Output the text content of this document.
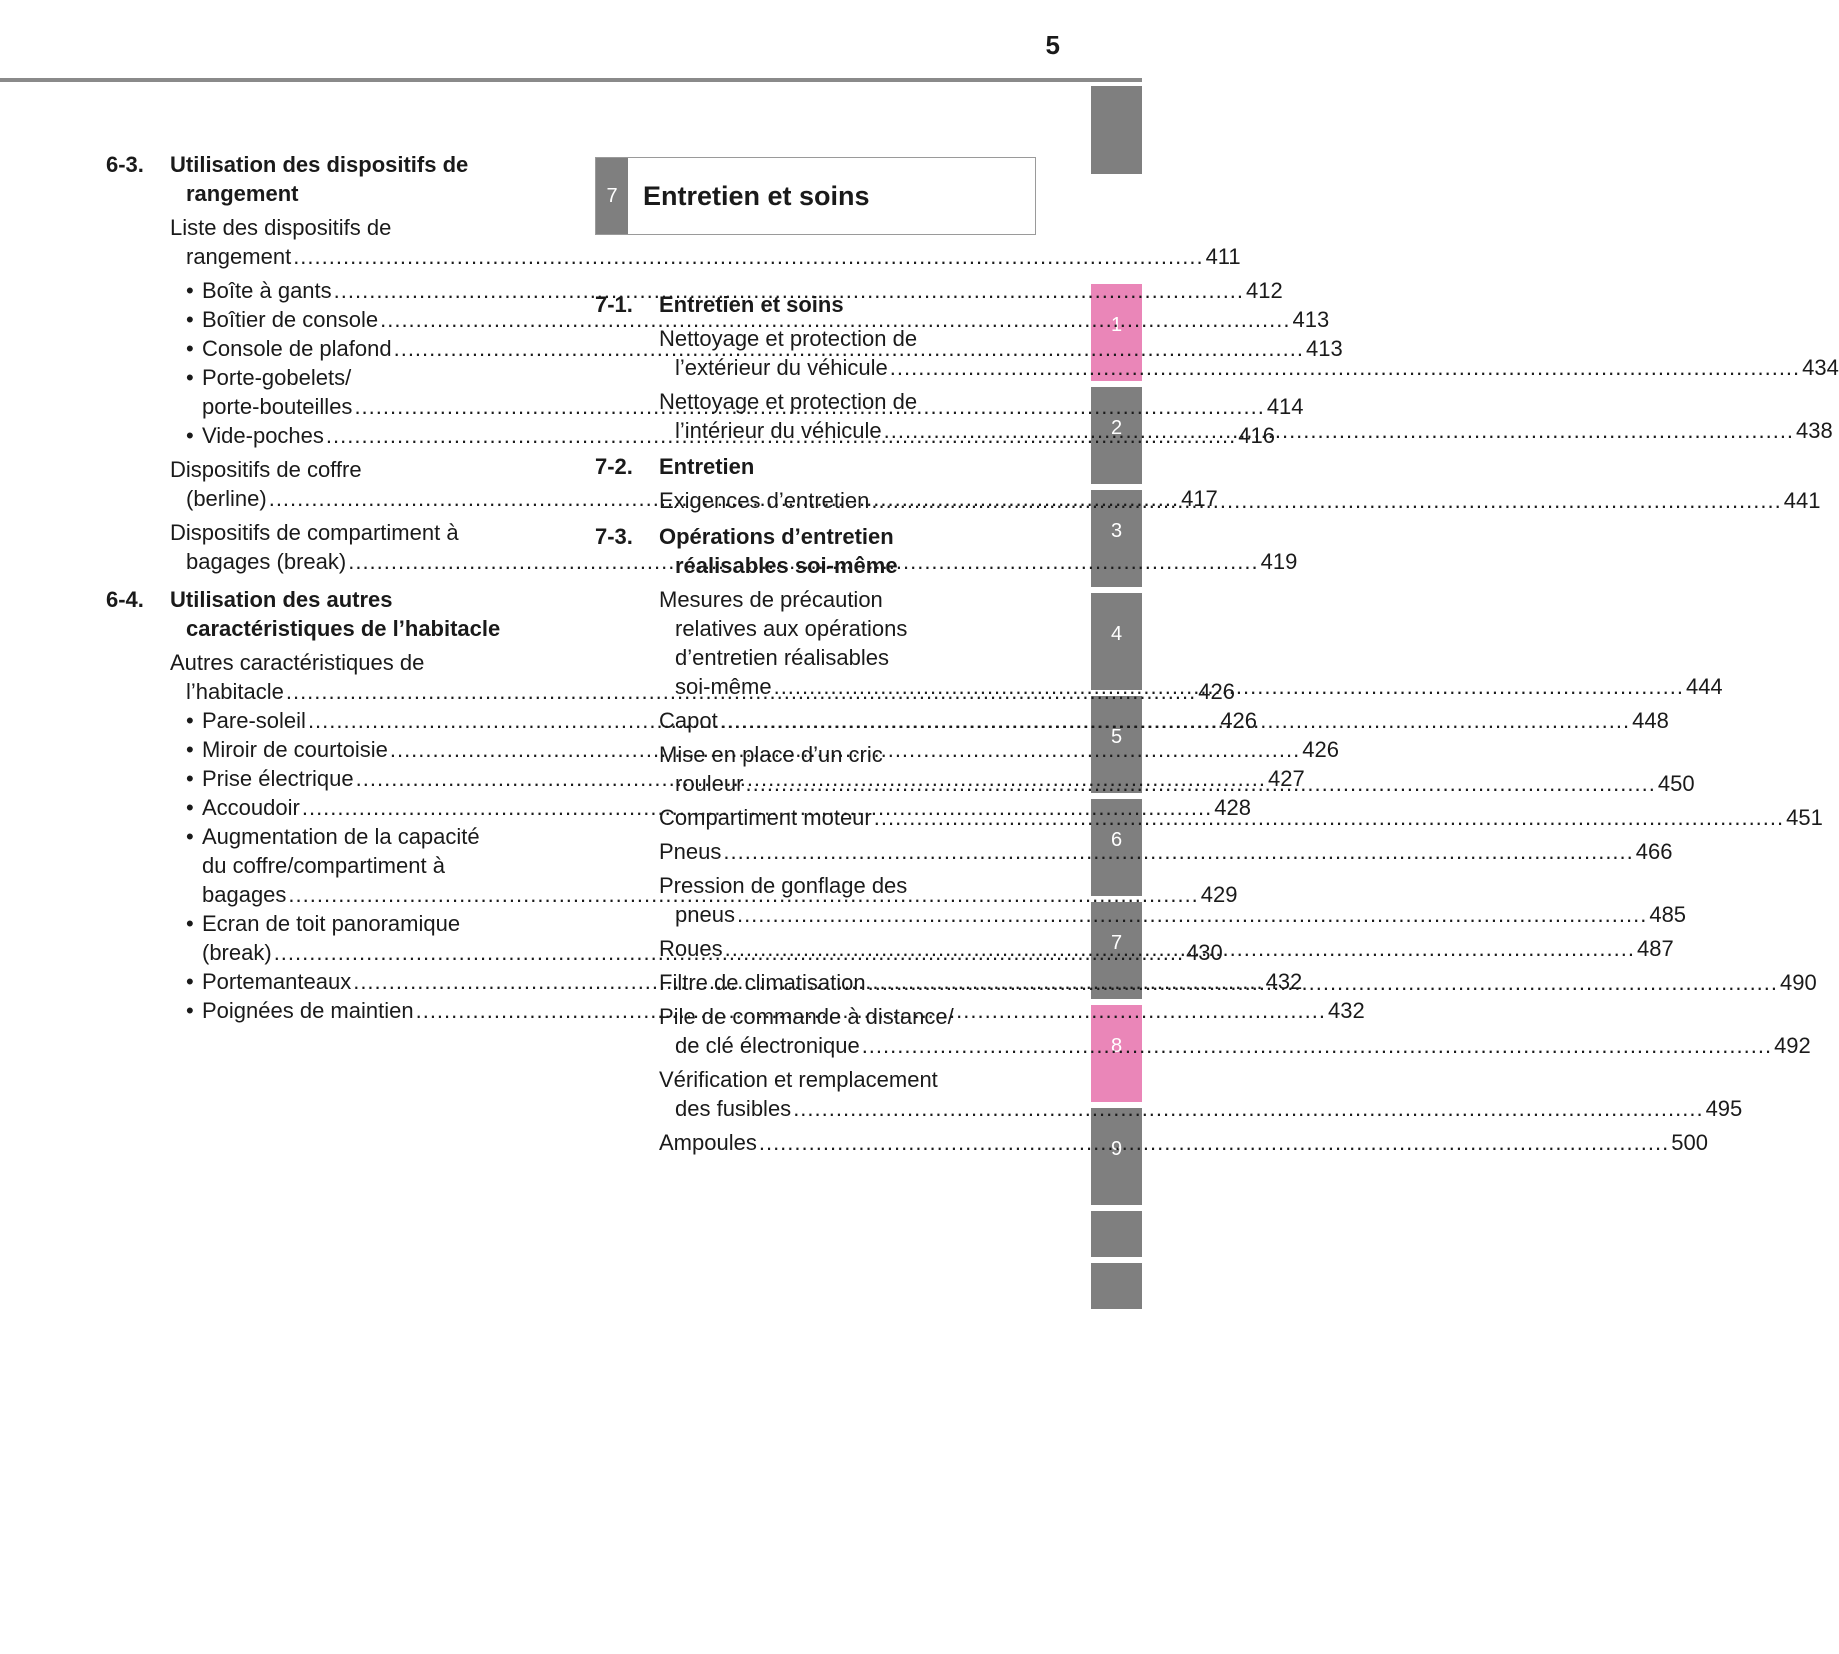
5
1
2
3
4
5
6
7
8
9
6-3.	Utilisation des dispositifs de
rangement
Liste des dispositifs de
rangement .....	411
• Boîte à gants .....	412
• Boîtier de console .....	413
• Console de plafond .....	413
• Porte-gobelets/
porte-bouteilles .....	414
• Vide-poches .....	416
Dispositifs de coffre
(berline) .....	417
Dispositifs de compartiment à
bagages (break) .....	419
6-4.	Utilisation des autres
caractéristiques de l’habitacle
Autres caractéristiques de
l’habitacle .....	426
• Pare-soleil .....	426
• Miroir de courtoisie .....	426
• Prise électrique .....	427
• Accoudoir .....	428
• Augmentation de la capacité
du coffre/compartiment à
bagages .....	429
• Ecran de toit panoramique
(break) .....	430
• Portemanteaux .....	432
• Poignées de maintien .....	432
7 Entretien et soins
7-1.	Entretien et soins
Nettoyage et protection de
l’extérieur du véhicule .....	434
Nettoyage et protection de
l’intérieur du véhicule .....	438
7-2.	Entretien
Exigences d’entretien .....	441
7-3.	Opérations d’entretien
réalisables soi-même
Mesures de précaution
relatives aux opérations
d’entretien réalisables
soi-même .....	444
Capot .....	448
Mise en place d’un cric
rouleur .....	450
Compartiment moteur .....	451
Pneus .....	466
Pression de gonflage des
pneus .....	485
Roues .....	487
Filtre de climatisation .....	490
Pile de commande à distance/
de clé électronique .....	492
Vérification et remplacement
des fusibles .....	495
Ampoules .....	500
